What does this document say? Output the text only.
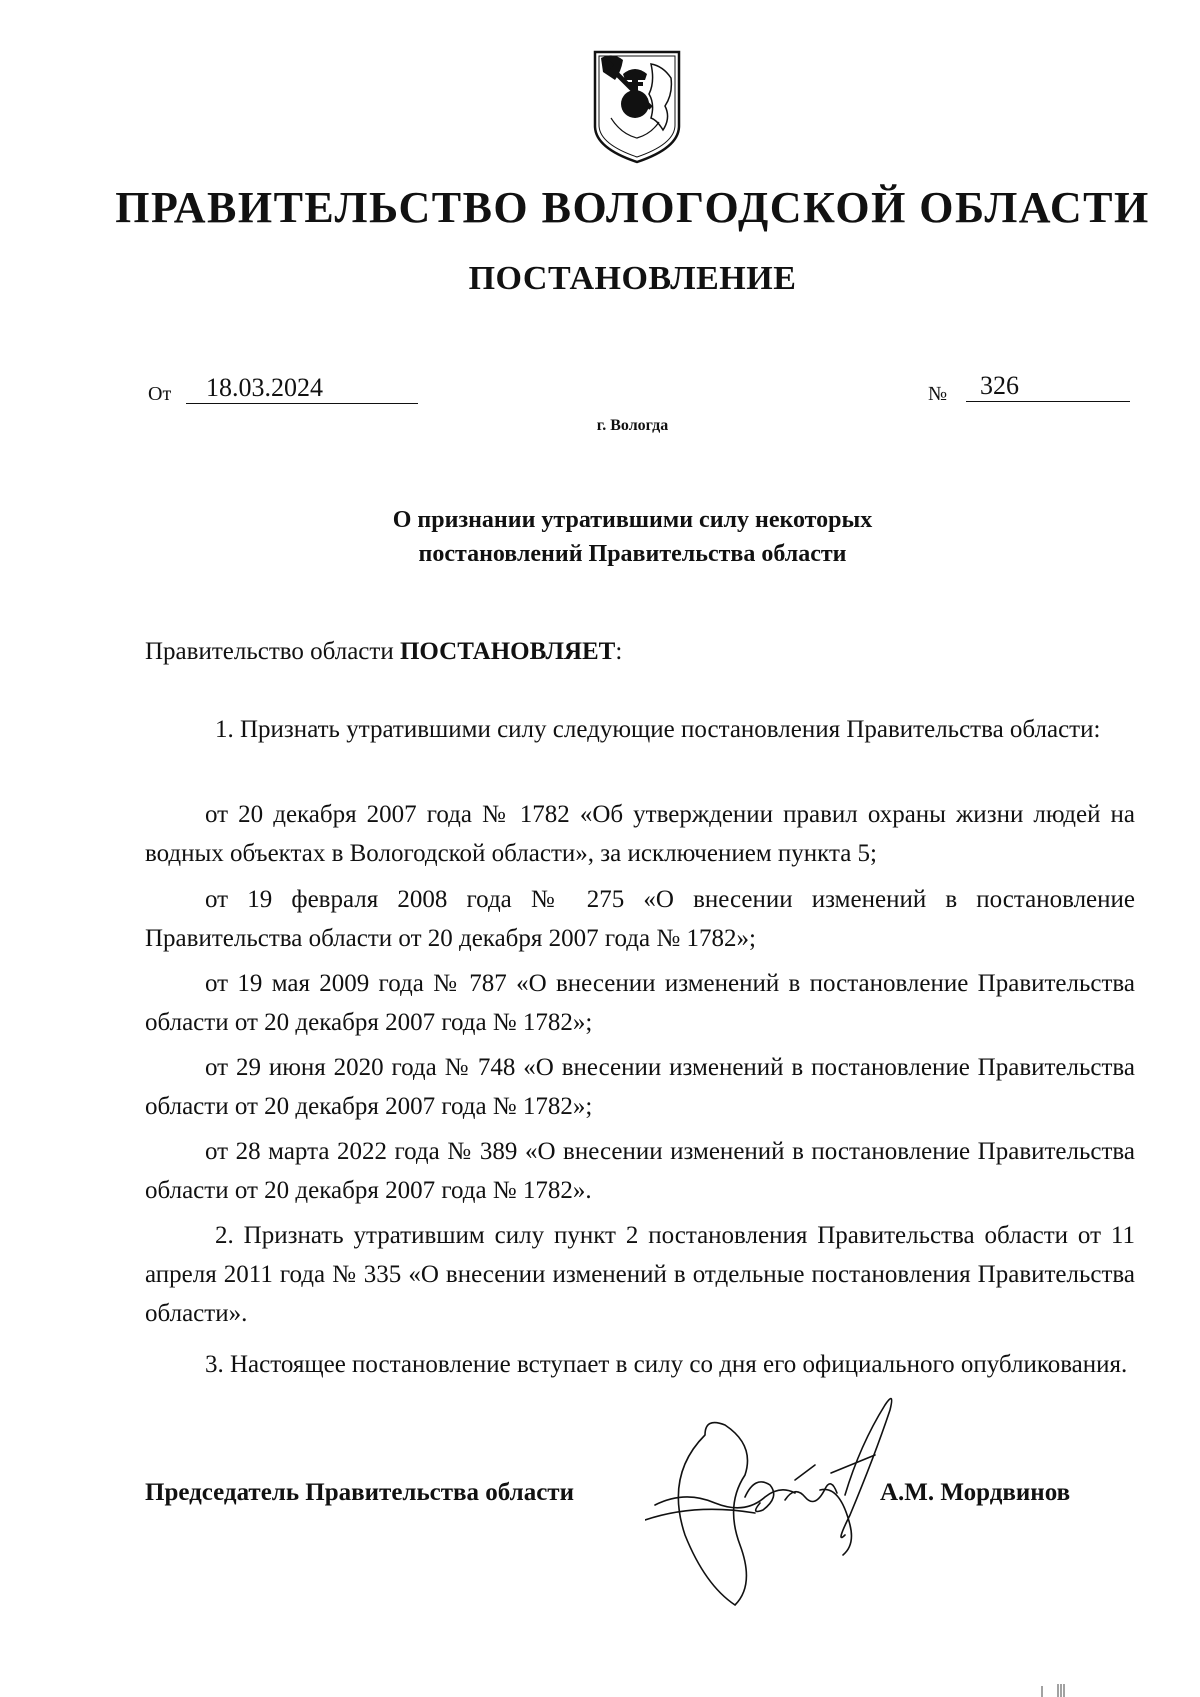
ПРАВИТЕЛЬСТВО ВОЛОГОДСКОЙ ОБЛАСТИ
ПОСТАНОВЛЕНИЕ
От	18.03.2024	№	326
г. Вологда
О признании утратившими силу некоторых
постановлений Правительства области

Правительство области ПОСТАНОВЛЯЕТ:

1. Признать утратившими силу следующие постановления Правительства области:

от 20 декабря 2007 года № 1782 «Об утверждении правил охраны жизни людей на водных объектах в Вологодской области», за исключением пункта 5;

от 19 февраля 2008 года № 275 «О внесении изменений в постановление Правительства области от 20 декабря 2007 года № 1782»;

от 19 мая 2009 года № 787 «О внесении изменений в постановление Правительства области от 20 декабря 2007 года № 1782»;

от 29 июня 2020 года № 748 «О внесении изменений в постановление Правительства области от 20 декабря 2007 года № 1782»;

от 28 марта 2022 года № 389 «О внесении изменений в постановление Правительства области от 20 декабря 2007 года № 1782».

2. Признать утратившим силу пункт 2 постановления Правительства области от 11 апреля 2011 года № 335 «О внесении изменений в отдельные постановления Правительства области».

3. Настоящее постановление вступает в силу со дня его официального опубликования.

Председатель Правительства области	А.М. Мордвинов
